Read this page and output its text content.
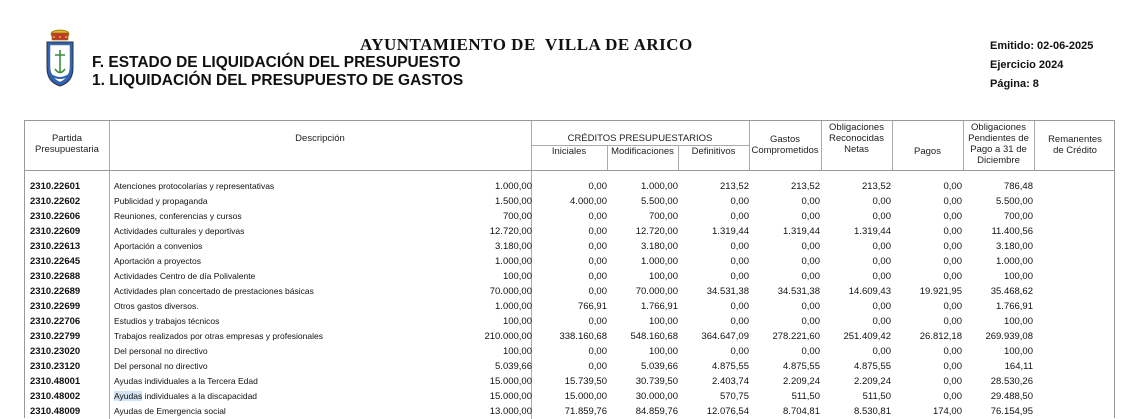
AYUNTAMIENTO DE  VILLA DE ARICO
F. ESTADO DE LIQUIDACIÓN DEL PRESUPUESTO
1. LIQUIDACIÓN DEL PRESUPUESTO DE GASTOS
Emitido: 02-06-2025
Ejercicio 2024
Página: 8
Partida
Presupuestaria
Descripción	CRÉDITOS PRESUPUESTARIOS
Iniciales	Modificaciones	Definitivos
Gastos
Comprometidos
Obligaciones
Reconocidas
Netas	Pagos
Obligaciones
Pendientes de
Pago a 31 de
Diciembre
Remanentes
de Crédito
2310.22601	Atenciones protocolarias y representativas	1.000,00	0,00	1.000,00	213,52	213,52	213,52	0,00	786,48
2310.22602	Publicidad y propaganda	1.500,00	4.000,00	5.500,00	0,00	0,00	0,00	0,00	5.500,00
2310.22606	Reuniones, conferencias y cursos	700,00	0,00	700,00	0,00	0,00	0,00	0,00	700,00
2310.22609	Actividades culturales y deportivas	12.720,00	0,00	12.720,00	1.319,44	1.319,44	1.319,44	0,00	11.400,56
2310.22613	Aportación a convenios	3.180,00	0,00	3.180,00	0,00	0,00	0,00	0,00	3.180,00
2310.22645	Aportación a proyectos	1.000,00	0,00	1.000,00	0,00	0,00	0,00	0,00	1.000,00
2310.22688	Actividades Centro de día Polivalente	100,00	0,00	100,00	0,00	0,00	0,00	0,00	100,00
2310.22689	Actividades plan concertado de prestaciones básicas	70.000,00	0,00	70.000,00	34.531,38	34.531,38	14.609,43	19.921,95	35.468,62
2310.22699	Otros gastos diversos.	1.000,00	766,91	1.766,91	0,00	0,00	0,00	0,00	1.766,91
2310.22706	Estudios y trabajos técnicos	100,00	0,00	100,00	0,00	0,00	0,00	0,00	100,00
2310.22799	Trabajos realizados por otras empresas y profesionales	210.000,00	338.160,68	548.160,68	364.647,09	278.221,60	251.409,42	26.812,18	269.939,08
2310.23020	Del personal no directivo	100,00	0,00	100,00	0,00	0,00	0,00	0,00	100,00
2310.23120	Del personal no directivo	5.039,66	0,00	5.039,66	4.875,55	4.875,55	4.875,55	0,00	164,11
2310.48001	Ayudas individuales a la Tercera Edad	15.000,00	15.739,50	30.739,50	2.403,74	2.209,24	2.209,24	0,00	28.530,26
2310.48002	Ayudas individuales a la discapacidad	15.000,00	15.000,00	30.000,00	570,75	511,50	511,50	0,00	29.488,50
2310.48009	Ayudas de Emergencia social	13.000,00	71.859,76	84.859,76	12.076,54	8.704,81	8.530,81	174,00	76.154,95
